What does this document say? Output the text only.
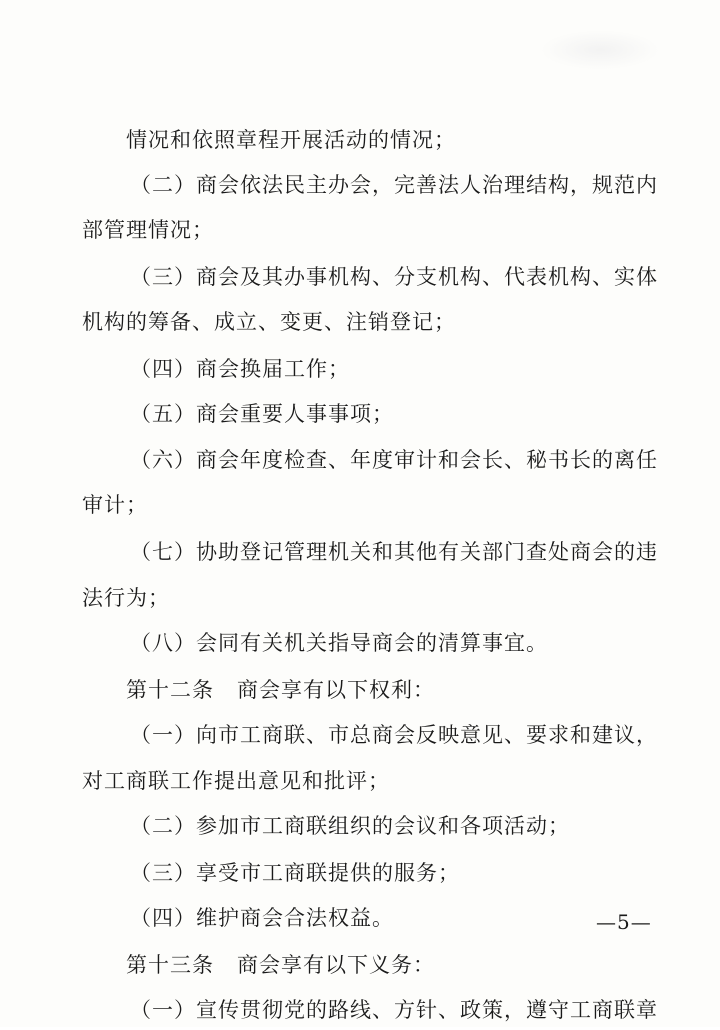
情况和依照章程开展活动的情况；
（二）商会依法民主办会，完善法人治理结构，规范内
部管理情况；
（三）商会及其办事机构、分支机构、代表机构、实体
机构的筹备、成立、变更、注销登记；
（四）商会换届工作；
（五）商会重要人事事项；
（六）商会年度检查、年度审计和会长、秘书长的离任
审计；
（七）协助登记管理机关和其他有关部门查处商会的违
法行为；
（八）会同有关机关指导商会的清算事宜。
第十二条   商会享有以下权利：
（一）向市工商联、市总商会反映意见、要求和建议，
对工商联工作提出意见和批评；
（二）参加市工商联组织的会议和各项活动；
（三）享受市工商联提供的服务；
（四）维护商会合法权益。
第十三条   商会享有以下义务：
（一）宣传贯彻党的路线、方针、政策，遵守工商联章
—5—
